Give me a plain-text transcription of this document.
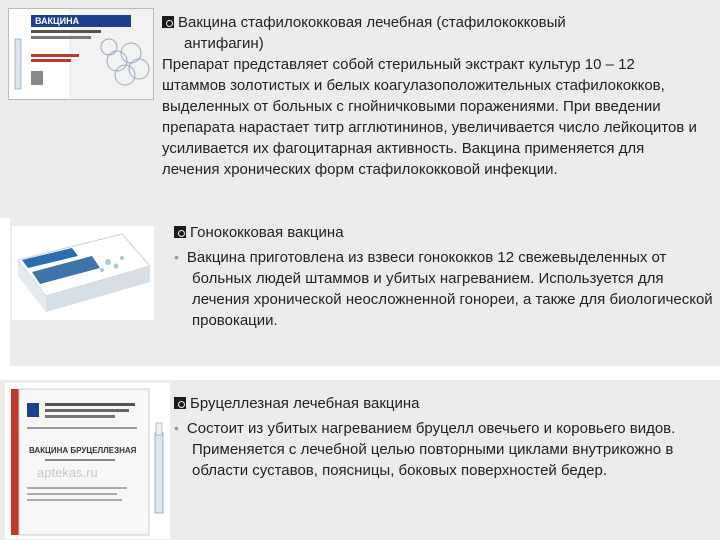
ВАКЦИНА
ВАКЦИНА БРУЦЕЛЛЕЗНАЯ
aptekas.ru
Вакцина стафилококковая лечебная (стафилококковый
антифагин)
Препарат представляет собой стерильный экстракт культур 10 – 12 штаммов золотистых и белых коагулазоположительных стафилококков, выделенных от больных с гнойничковыми поражениями. При введении препарата нарастает титр агглютининов, увеличивается число лейкоцитов и усиливается их фагоцитарная активность. Вакцина применяется для лечения хронических форм стафилококковой инфекции.
Гонококковая вакцина
• Вакцина приготовлена из взвеси гонококков 12 свежевыделенных от больных людей штаммов и убитых нагреванием. Используется для лечения хронической неосложненной гонореи, а также для биологической провокации.
Бруцеллезная лечебная вакцина
• Состоит из убитых нагреванием бруцелл овечьего и коровьего видов. Применяется с лечебной целью повторными циклами внутрикожно в области суставов, поясницы, боковых поверхностей бедер.
